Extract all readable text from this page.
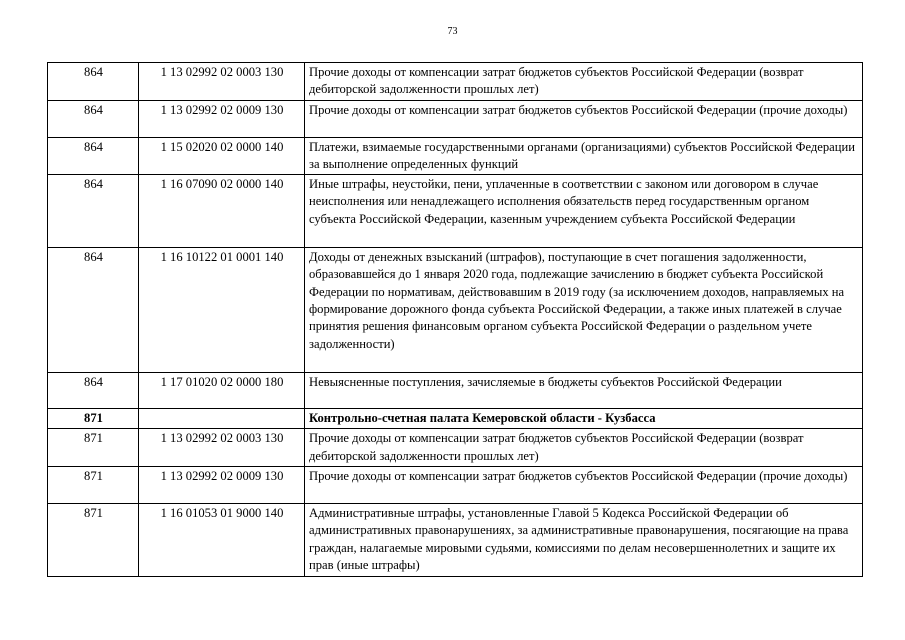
73
864	1 13 02992 02 0003 130	Прочие доходы от компенсации затрат бюджетов субъектов Российской Федерации (возврат дебиторской задолженности прошлых лет)
864	1 13 02992 02 0009 130	Прочие доходы от компенсации затрат бюджетов субъектов Российской Федерации (прочие доходы)
864	1 15 02020 02 0000 140	Платежи, взимаемые государственными органами (организациями) субъектов Российской Федерации за выполнение определенных функций
864	1 16 07090 02 0000 140	Иные штрафы, неустойки, пени, уплаченные в соответствии с законом или договором в случае неисполнения или ненадлежащего исполнения обязательств перед государственным органом субъекта Российской Федерации, казенным учреждением субъекта Российской Федерации
864	1 16 10122 01 0001 140	Доходы от денежных взысканий (штрафов), поступающие в счет погашения задолженности, образовавшейся до 1 января 2020 года, подлежащие зачислению в бюджет субъекта Российской Федерации по нормативам, действовавшим в 2019 году (за исключением доходов, направляемых на формирование дорожного фонда субъекта Российской Федерации, а также иных платежей в случае принятия решения финансовым органом субъекта Российской Федерации о раздельном учете задолженности)
864	1 17 01020 02 0000 180	Невыясненные поступления, зачисляемые в бюджеты субъектов Российской Федерации
871		Контрольно-счетная палата Кемеровской области - Кузбасса
871	1 13 02992 02 0003 130	Прочие доходы от компенсации затрат бюджетов субъектов Российской Федерации (возврат дебиторской задолженности прошлых лет)
871	1 13 02992 02 0009 130	Прочие доходы от компенсации затрат бюджетов субъектов Российской Федерации (прочие доходы)
871	1 16 01053 01 9000 140	Административные штрафы, установленные Главой 5 Кодекса Российской Федерации об административных правонарушениях, за административные правонарушения, посягающие на права граждан, налагаемые мировыми судьями, комиссиями по делам несовершеннолетних и защите их прав (иные штрафы)
